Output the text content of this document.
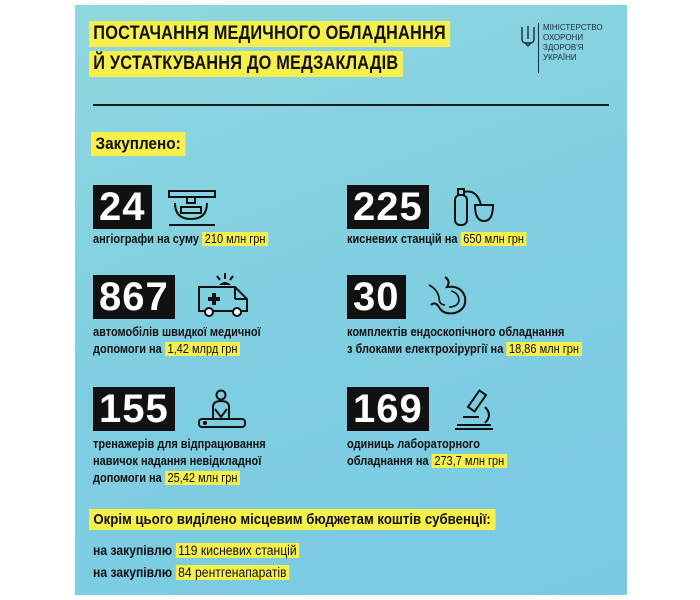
ПОСТАЧАННЯ МЕДИЧНОГО ОБЛАДНАННЯ
Й УСТАТКУВАННЯ ДО МЕДЗАКЛАДІВ
МІНІСТЕРСТВО
ОХОРОНИ
ЗДОРОВ'Я
УКРАЇНИ
Закуплено:
24
ангіографи на суму 210 млн грн
225
кисневих станцій на 650 млн грн
867
автомобілів швидкої медичної
допомоги на 1,42 млрд грн
30
комплектів ендоскопічного обладнання
з блоками електрохірургії на 18,86 млн грн
155
тренажерів для відпрацювання
навичок надання невідкладної
допомоги на 25,42 млн грн
169
одиниць лабораторного
обладнання на 273,7 млн грн
Окрім цього виділено місцевим бюджетам коштів субвенції:
на закупівлю 119 кисневих станцій
на закупівлю 84 рентгенапаратів
